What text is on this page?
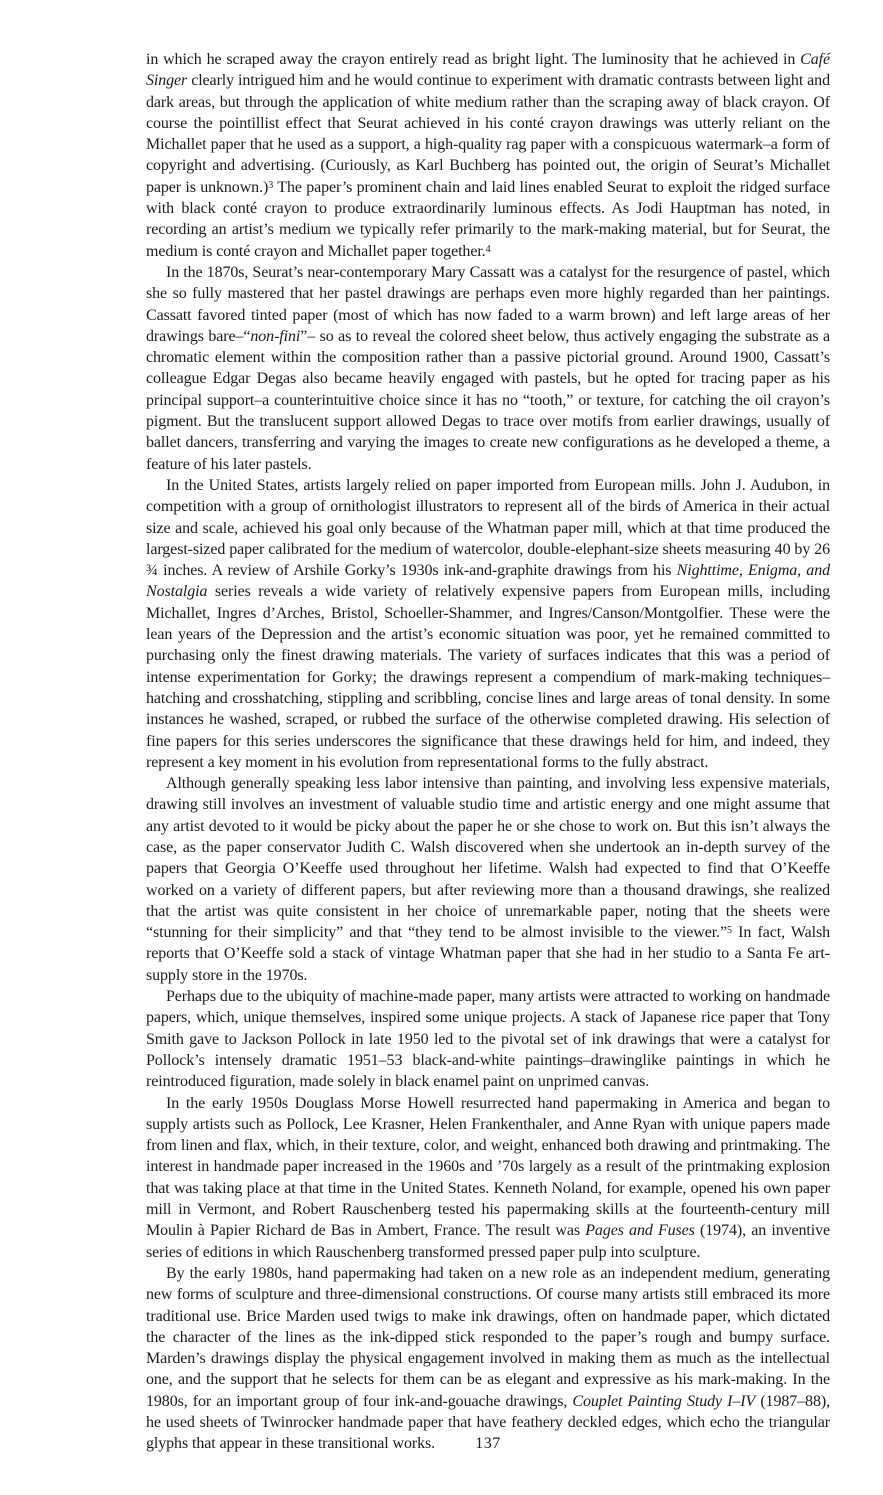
in which he scraped away the crayon entirely read as bright light. The luminosity that he achieved in Café Singer clearly intrigued him and he would continue to experiment with dramatic contrasts between light and dark areas, but through the application of white medium rather than the scraping away of black crayon. Of course the pointillist effect that Seurat achieved in his conté crayon drawings was utterly reliant on the Michallet paper that he used as a support, a high-quality rag paper with a conspicuous watermark–a form of copyright and advertising. (Curiously, as Karl Buchberg has pointed out, the origin of Seurat’s Michallet paper is unknown.)$^3$ The paper’s prominent chain and laid lines enabled Seurat to exploit the ridged surface with black conté crayon to produce extraordinarily luminous effects. As Jodi Hauptman has noted, in recording an artist’s medium we typically refer primarily to the mark-making material, but for Seurat, the medium is conté crayon and Michallet paper together.$^4$

In the 1870s, Seurat’s near-contemporary Mary Cassatt was a catalyst for the resurgence of pastel, which she so fully mastered that her pastel drawings are perhaps even more highly regarded than her paintings. Cassatt favored tinted paper (most of which has now faded to a warm brown) and left large areas of her drawings bare–“non-fini”– so as to reveal the colored sheet below, thus actively engaging the substrate as a chromatic element within the composition rather than a passive pictorial ground. Around 1900, Cassatt’s colleague Edgar Degas also became heavily engaged with pastels, but he opted for tracing paper as his principal support–a counterintuitive choice since it has no “tooth,” or texture, for catching the oil crayon’s pigment. But the translucent support allowed Degas to trace over motifs from earlier drawings, usually of ballet dancers, transferring and varying the images to create new configurations as he developed a theme, a feature of his later pastels.

In the United States, artists largely relied on paper imported from European mills. John J. Audubon, in competition with a group of ornithologist illustrators to represent all of the birds of America in their actual size and scale, achieved his goal only because of the Whatman paper mill, which at that time produced the largest-sized paper calibrated for the medium of watercolor, double-elephant-size sheets measuring 40 by 26 ¾ inches. A review of Arshile Gorky’s 1930s ink-and-graphite drawings from his Nighttime, Enigma, and Nostalgia series reveals a wide variety of relatively expensive papers from European mills, including Michallet, Ingres d’Arches, Bristol, Schoeller-Shammer, and Ingres/Canson/Montgolfier. These were the lean years of the Depression and the artist’s economic situation was poor, yet he remained committed to purchasing only the finest drawing materials. The variety of surfaces indicates that this was a period of intense experimentation for Gorky; the drawings represent a compendium of mark-making techniques–hatching and crosshatching, stippling and scribbling, concise lines and large areas of tonal density. In some instances he washed, scraped, or rubbed the surface of the otherwise completed drawing. His selection of fine papers for this series underscores the significance that these drawings held for him, and indeed, they represent a key moment in his evolution from representational forms to the fully abstract.

Although generally speaking less labor intensive than painting, and involving less expensive materials, drawing still involves an investment of valuable studio time and artistic energy and one might assume that any artist devoted to it would be picky about the paper he or she chose to work on. But this isn’t always the case, as the paper conservator Judith C. Walsh discovered when she undertook an in-depth survey of the papers that Georgia O’Keeffe used throughout her lifetime. Walsh had expected to find that O’Keeffe worked on a variety of different papers, but after reviewing more than a thousand drawings, she realized that the artist was quite consistent in her choice of unremarkable paper, noting that the sheets were “stunning for their simplicity” and that “they tend to be almost invisible to the viewer.”$^5$ In fact, Walsh reports that O’Keeffe sold a stack of vintage Whatman paper that she had in her studio to a Santa Fe art-supply store in the 1970s.

Perhaps due to the ubiquity of machine-made paper, many artists were attracted to working on handmade papers, which, unique themselves, inspired some unique projects. A stack of Japanese rice paper that Tony Smith gave to Jackson Pollock in late 1950 led to the pivotal set of ink drawings that were a catalyst for Pollock’s intensely dramatic 1951–53 black-and-white paintings–drawinglike paintings in which he reintroduced figuration, made solely in black enamel paint on unprimed canvas.

In the early 1950s Douglass Morse Howell resurrected hand papermaking in America and began to supply artists such as Pollock, Lee Krasner, Helen Frankenthaler, and Anne Ryan with unique papers made from linen and flax, which, in their texture, color, and weight, enhanced both drawing and printmaking. The interest in handmade paper increased in the 1960s and ’70s largely as a result of the printmaking explosion that was taking place at that time in the United States. Kenneth Noland, for example, opened his own paper mill in Vermont, and Robert Rauschenberg tested his papermaking skills at the fourteenth-century mill Moulin à Papier Richard de Bas in Ambert, France. The result was Pages and Fuses (1974), an inventive series of editions in which Rauschenberg transformed pressed paper pulp into sculpture.

By the early 1980s, hand papermaking had taken on a new role as an independent medium, generating new forms of sculpture and three-dimensional constructions. Of course many artists still embraced its more traditional use. Brice Marden used twigs to make ink drawings, often on handmade paper, which dictated the character of the lines as the ink-dipped stick responded to the paper’s rough and bumpy surface. Marden’s drawings display the physical engagement involved in making them as much as the intellectual one, and the support that he selects for them can be as elegant and expressive as his mark-making. In the 1980s, for an important group of four ink-and-gouache drawings, Couplet Painting Study I–IV (1987–88), he used sheets of Twinrocker handmade paper that have feathery deckled edges, which echo the triangular glyphs that appear in these transitional works.	137
